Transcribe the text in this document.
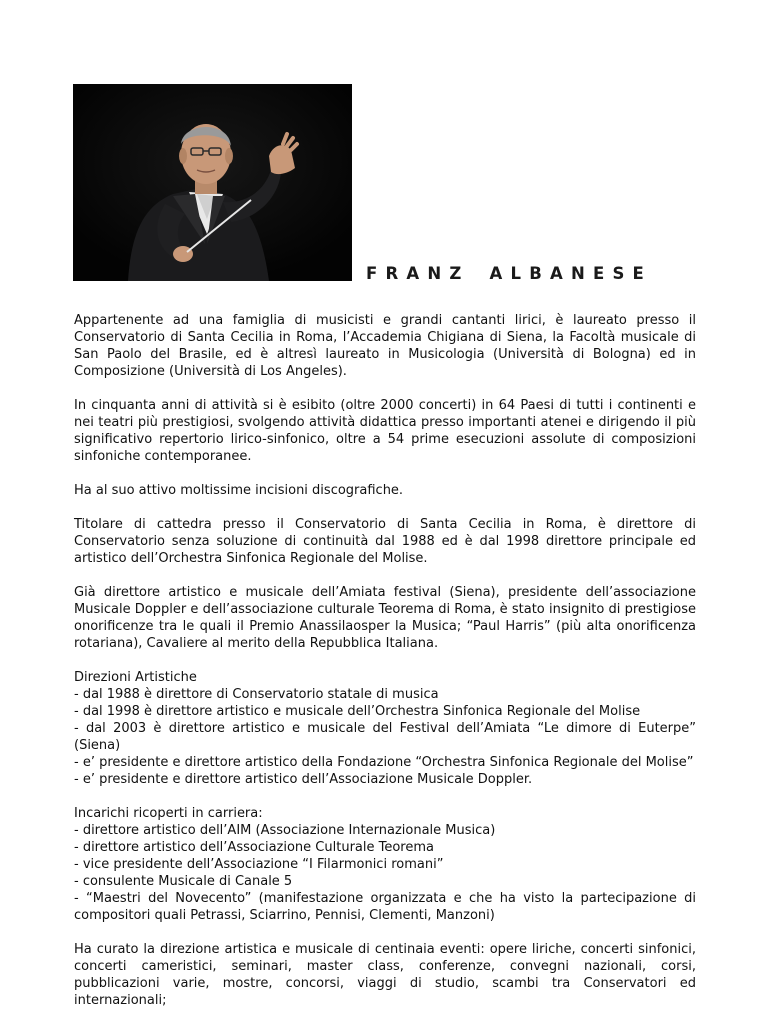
FRANZ ALBANESE

Appartenente ad una famiglia di musicisti e grandi cantanti lirici, è laureato presso il Conservatorio di Santa Cecilia in Roma, l’Accademia Chigiana di Siena, la Facoltà musicale di San Paolo del Brasile, ed è altresì laureato in Musicologia (Università di Bologna) ed in Composizione (Università di Los Angeles).

In cinquanta anni di attività si è esibito (oltre 2000 concerti) in 64 Paesi di tutti i continenti e nei teatri più prestigiosi, svolgendo attività didattica presso importanti atenei e dirigendo il più significativo repertorio lirico-sinfonico, oltre a 54 prime esecuzioni assolute di composizioni sinfoniche contemporanee.

Ha al suo attivo moltissime incisioni discografiche.

Titolare di cattedra presso il Conservatorio di Santa Cecilia in Roma, è direttore di Conservatorio senza soluzione di continuità dal 1988 ed è dal 1998 direttore principale ed artistico dell’Orchestra Sinfonica Regionale del Molise.

Già direttore artistico e musicale dell’Amiata festival (Siena), presidente dell’associazione Musicale Doppler e dell’associazione culturale Teorema di Roma, è stato insignito di prestigiose onorificenze tra le quali il Premio Anassilaosper la Musica; “Paul Harris” (più alta onorificenza rotariana), Cavaliere al merito della Repubblica Italiana.

Direzioni Artistiche
- dal 1988 è direttore di Conservatorio statale di musica
- dal 1998 è direttore artistico e musicale dell’Orchestra Sinfonica Regionale del Molise
- dal 2003 è direttore artistico e musicale del Festival dell’Amiata “Le dimore di Euterpe” (Siena)
- e’ presidente e direttore artistico della Fondazione “Orchestra Sinfonica Regionale del Molise”
- e’ presidente e direttore artistico dell’Associazione Musicale Doppler.

Incarichi ricoperti in carriera:
- direttore artistico dell’AIM (Associazione Internazionale Musica)
- direttore artistico dell’Associazione Culturale Teorema
- vice presidente dell’Associazione “I Filarmonici romani”
- consulente Musicale di Canale 5
- “Maestri del Novecento” (manifestazione organizzata e che ha visto la partecipazione di compositori quali Petrassi, Sciarrino, Pennisi, Clementi, Manzoni)

Ha curato la direzione artistica e musicale di centinaia eventi: opere liriche, concerti sinfonici, concerti cameristici, seminari, master class, conferenze, convegni nazionali, corsi, pubblicazioni varie, mostre, concorsi, viaggi di studio, scambi tra Conservatori ed internazionali;
